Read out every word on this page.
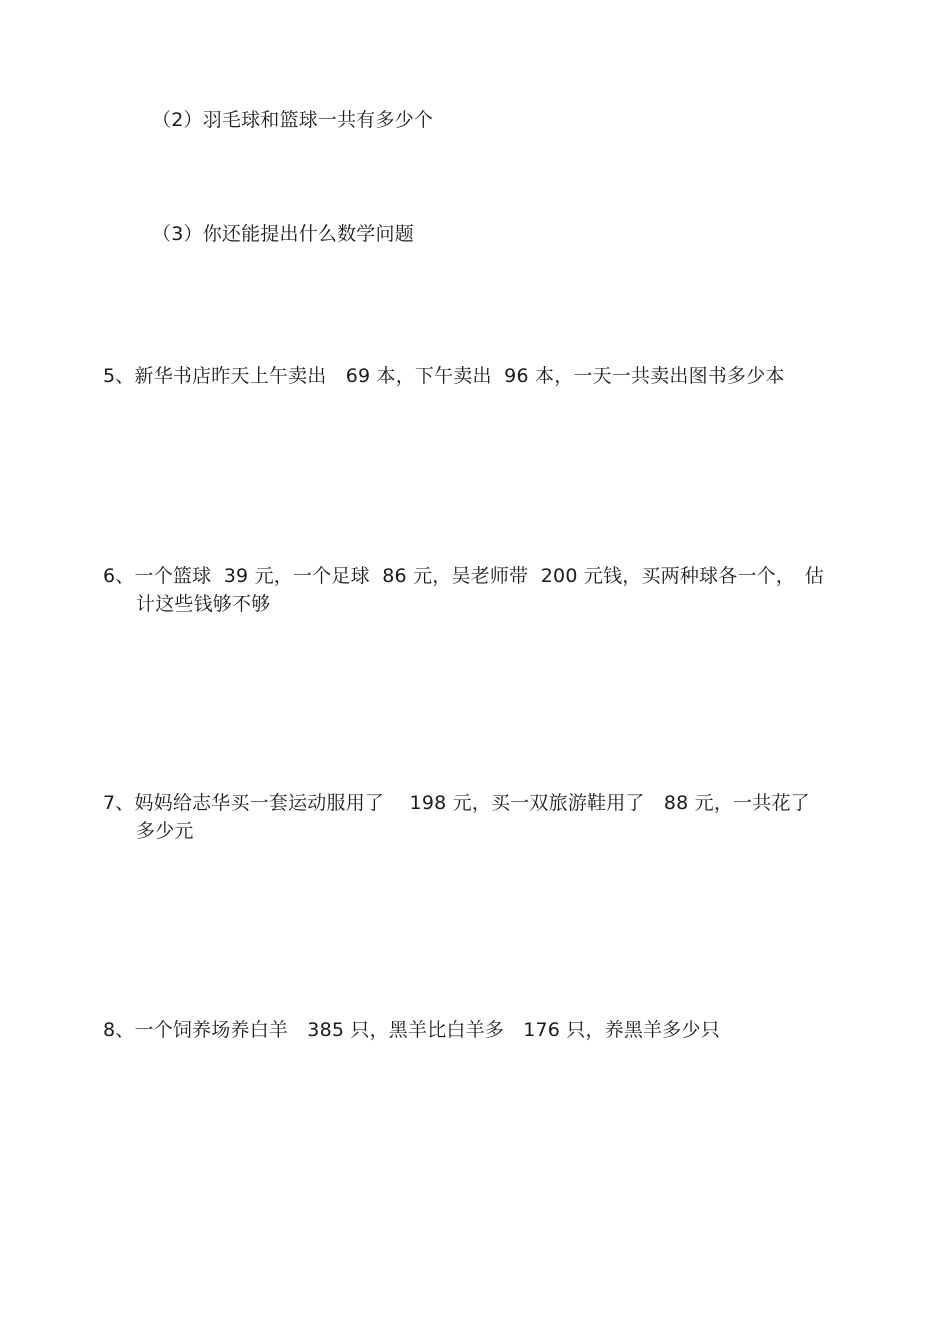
（2）羽毛球和篮球一共有多少个
（3）你还能提出什么数学问题
5、新华书店昨天上午卖出　69 本，下午卖出  96 本，一天一共卖出图书多少本
6、一个篮球  39 元，一个足球  86 元，吴老师带  200 元钱，买两种球各一个，　估
计这些钱够不够
7、妈妈给志华买一套运动服用了　 198 元，买一双旅游鞋用了　88 元，一共花了
多少元
8、一个饲养场养白羊　385 只，黑羊比白羊多　176 只，养黑羊多少只
